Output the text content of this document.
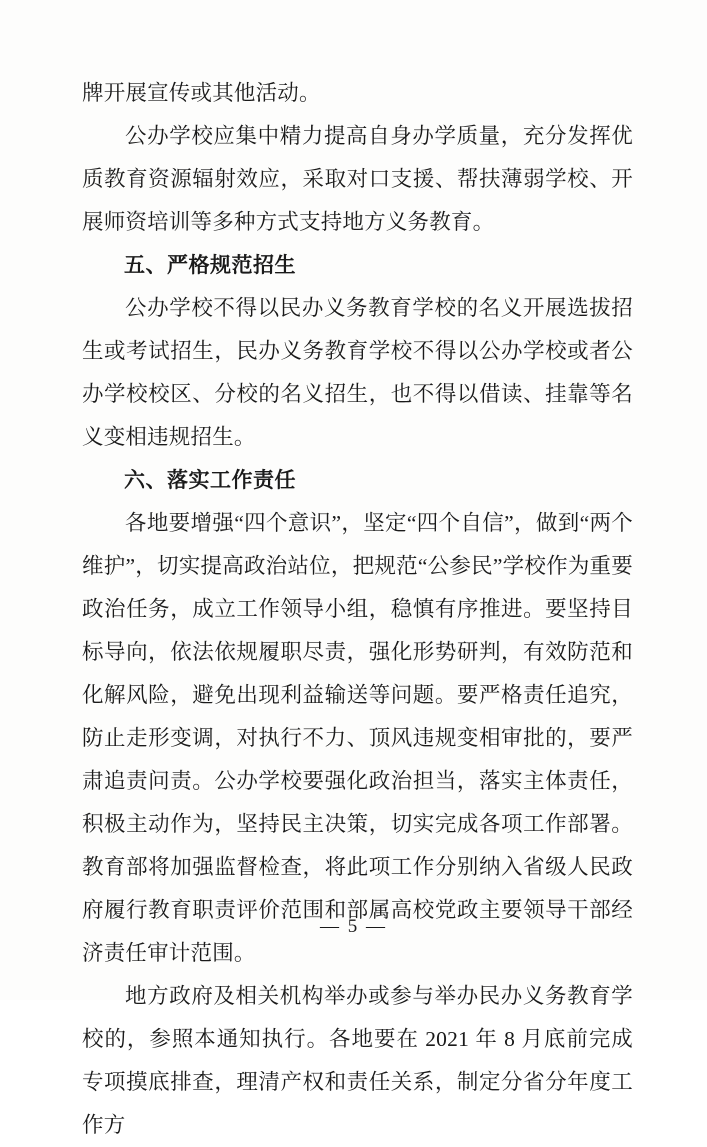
牌开展宣传或其他活动。

公办学校应集中精力提高自身办学质量，充分发挥优质教育资源辐射效应，采取对口支援、帮扶薄弱学校、开展师资培训等多种方式支持地方义务教育。

五、严格规范招生

公办学校不得以民办义务教育学校的名义开展选拔招生或考试招生，民办义务教育学校不得以公办学校或者公办学校校区、分校的名义招生，也不得以借读、挂靠等名义变相违规招生。

六、落实工作责任

各地要增强“四个意识”，坚定“四个自信”，做到“两个维护”，切实提高政治站位，把规范“公参民”学校作为重要政治任务，成立工作领导小组，稳慎有序推进。要坚持目标导向，依法依规履职尽责，强化形势研判，有效防范和化解风险，避免出现利益输送等问题。要严格责任追究，防止走形变调，对执行不力、顶风违规变相审批的，要严肃追责问责。公办学校要强化政治担当，落实主体责任，积极主动作为，坚持民主决策，切实完成各项工作部署。教育部将加强监督检查，将此项工作分别纳入省级人民政府履行教育职责评价范围和部属高校党政主要领导干部经济责任审计范围。

地方政府及相关机构举办或参与举办民办义务教育学校的，参照本通知执行。各地要在 2021 年 8 月底前完成专项摸底排查，理清产权和责任关系，制定分省分年度工作方

— 5 —
